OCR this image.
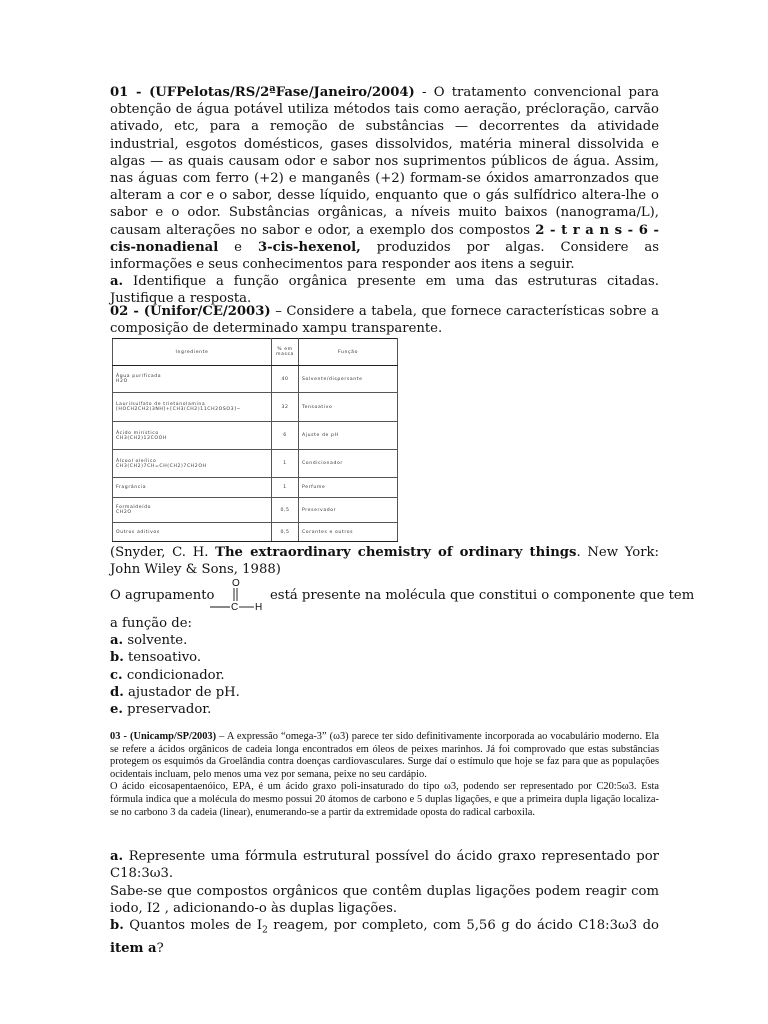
01 - (UFPelotas/RS/2ªFase/Janeiro/2004) - O tratamento convencional para obtenção de água potável utiliza métodos tais como aeração, précloração, carvão ativado, etc, para a remoção de substâncias — decorrentes da atividade industrial, esgotos domésticos, gases dissolvidos, matéria mineral dissolvida e algas — as quais causam odor e sabor nos suprimentos públicos de água. Assim, nas águas com ferro (+2) e manganês (+2) formam-se óxidos amarronzados que alteram a cor e o sabor, desse líquido, enquanto que o gás sulfídrico altera-lhe o sabor e o odor. Substâncias orgânicas, a níveis muito baixos (nanograma/L), causam alterações no sabor e odor, a exemplo dos compostos 2 - t r a n s - 6 -cis-nonadienal e 3-cis-hexenol, produzidos por algas. Considere as informações e seus conhecimentos para responder aos itens a seguir.
a. Identifique a função orgânica presente em uma das estruturas citadas. Justifique a resposta.
02 - (Unifor/CE/2003) – Considere a tabela, que fornece características sobre a composição de determinado xampu transparente.
Ingrediente	% em massa	Função

Água purificada
H2O	40	Solvente/dispersante

Laurilsulfato de trietanolamina
[HOCH2CH2)3NH]+[CH3(CH2)11CH2OSO3]−	32	Tensoativo

Ácido mirístico
CH3(CH2)12COOH	6	Ajuste de pH

Álcool oleílico
CH3(CH2)7CH=CH(CH2)7CH2OH	1	Condicionador

Fragrância	1	Perfume

Formaldeído
CH2O	0,5	Preservador

Outros aditivos	0,5	Corantes e outros
(Snyder, C. H. The extraordinary chemistry of ordinary things. New York: John Wiley & Sons, 1988)
O agrupamento	está presente na molécula que constitui o componente que tem
O
C H
a função de:
a. solvente.
b. tensoativo.
c. condicionador.
d. ajustador de pH.
e. preservador.
03 - (Unicamp/SP/2003) – A expressão “omega-3” (ω3) parece ter sido definitivamente incorporada ao vocabulário moderno. Ela se refere a ácidos orgânicos de cadeia longa encontrados em óleos de peixes marinhos. Já foi comprovado que estas substâncias protegem os esquimós da Groelândia contra doenças cardiovasculares. Surge daí o estímulo que hoje se faz para que as populações ocidentais incluam, pelo menos uma vez por semana, peixe no seu cardápio.
O ácido eicosapentaenóico, EPA, é um ácido graxo poli-insaturado do tipo ω3, podendo ser representado por C20:5ω3. Esta fórmula indica que a molécula do mesmo possui 20 átomos de carbono e 5 duplas ligações, e que a primeira dupla ligação localiza-se no carbono 3 da cadeia (linear), enumerando-se a partir da extremidade oposta do radical carboxila.
a. Represente uma fórmula estrutural possível do ácido graxo representado por C18:3ω3.
Sabe-se que compostos orgânicos que contêm duplas ligações podem reagir com iodo, I2 , adicionando-o às duplas ligações.
b. Quantos moles de $I_2$ reagem, por completo, com 5,56 g do ácido C18:3ω3 do item a?
